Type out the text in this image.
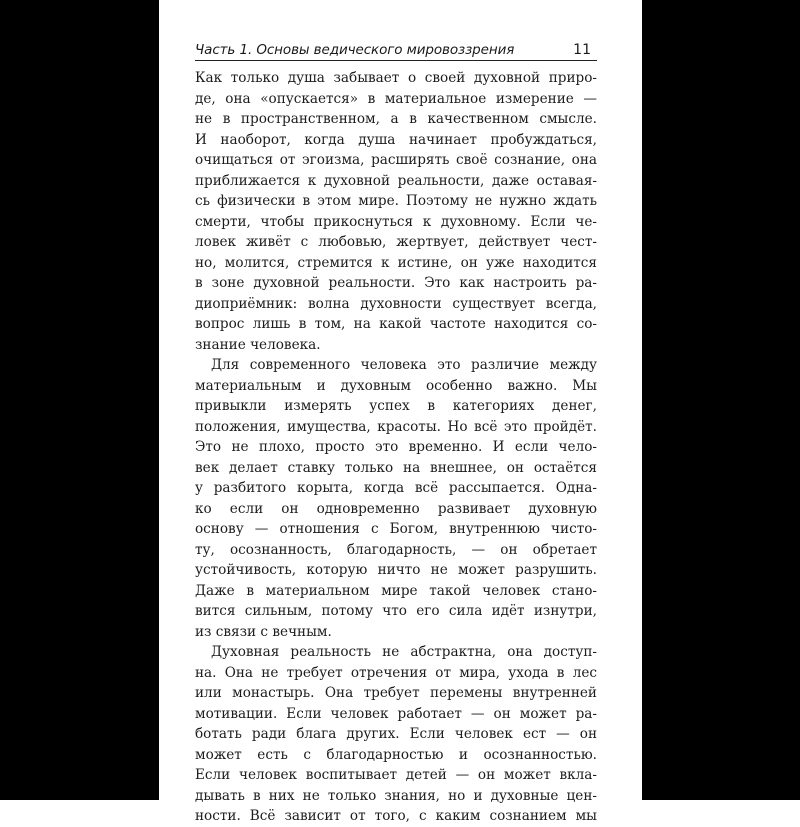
Часть 1. Основы ведического мировоззрения	11
Как только душа забывает о своей духовной приро-
де, она «опускается» в материальное измерение —
не в пространственном, а в качественном смысле.
И наоборот, когда душа начинает пробуждаться,
очищаться от эгоизма, расширять своё сознание, она
приближается к духовной реальности, даже оставая-
сь физически в этом мире. Поэтому не нужно ждать
смерти, чтобы прикоснуться к духовному. Если че-
ловек живёт с любовью, жертвует, действует чест-
но, молится, стремится к истине, он уже находится
в зоне духовной реальности. Это как настроить ра-
диоприёмник: волна духовности существует всегда,
вопрос лишь в том, на какой частоте находится со-
знание человека.
Для современного человека это различие между
материальным и духовным особенно важно. Мы
привыкли измерять успех в категориях денег,
положения, имущества, красоты. Но всё это пройдёт.
Это не плохо, просто это временно. И если чело-
век делает ставку только на внешнее, он остаётся
у разбитого корыта, когда всё рассыпается. Одна-
ко если он одновременно развивает духовную
основу — отношения с Богом, внутреннюю чисто-
ту, осознанность, благодарность, — он обретает
устойчивость, которую ничто не может разрушить.
Даже в материальном мире такой человек стано-
вится сильным, потому что его сила идёт изнутри,
из связи с вечным.
Духовная реальность не абстрактна, она доступ-
на. Она не требует отречения от мира, ухода в лес
или монастырь. Она требует перемены внутренней
мотивации. Если человек работает — он может ра-
ботать ради блага других. Если человек ест — он
может есть с благодарностью и осознанностью.
Если человек воспитывает детей — он может вкла-
дывать в них не только знания, но и духовные цен-
ности. Всё зависит от того, с каким сознанием мы
